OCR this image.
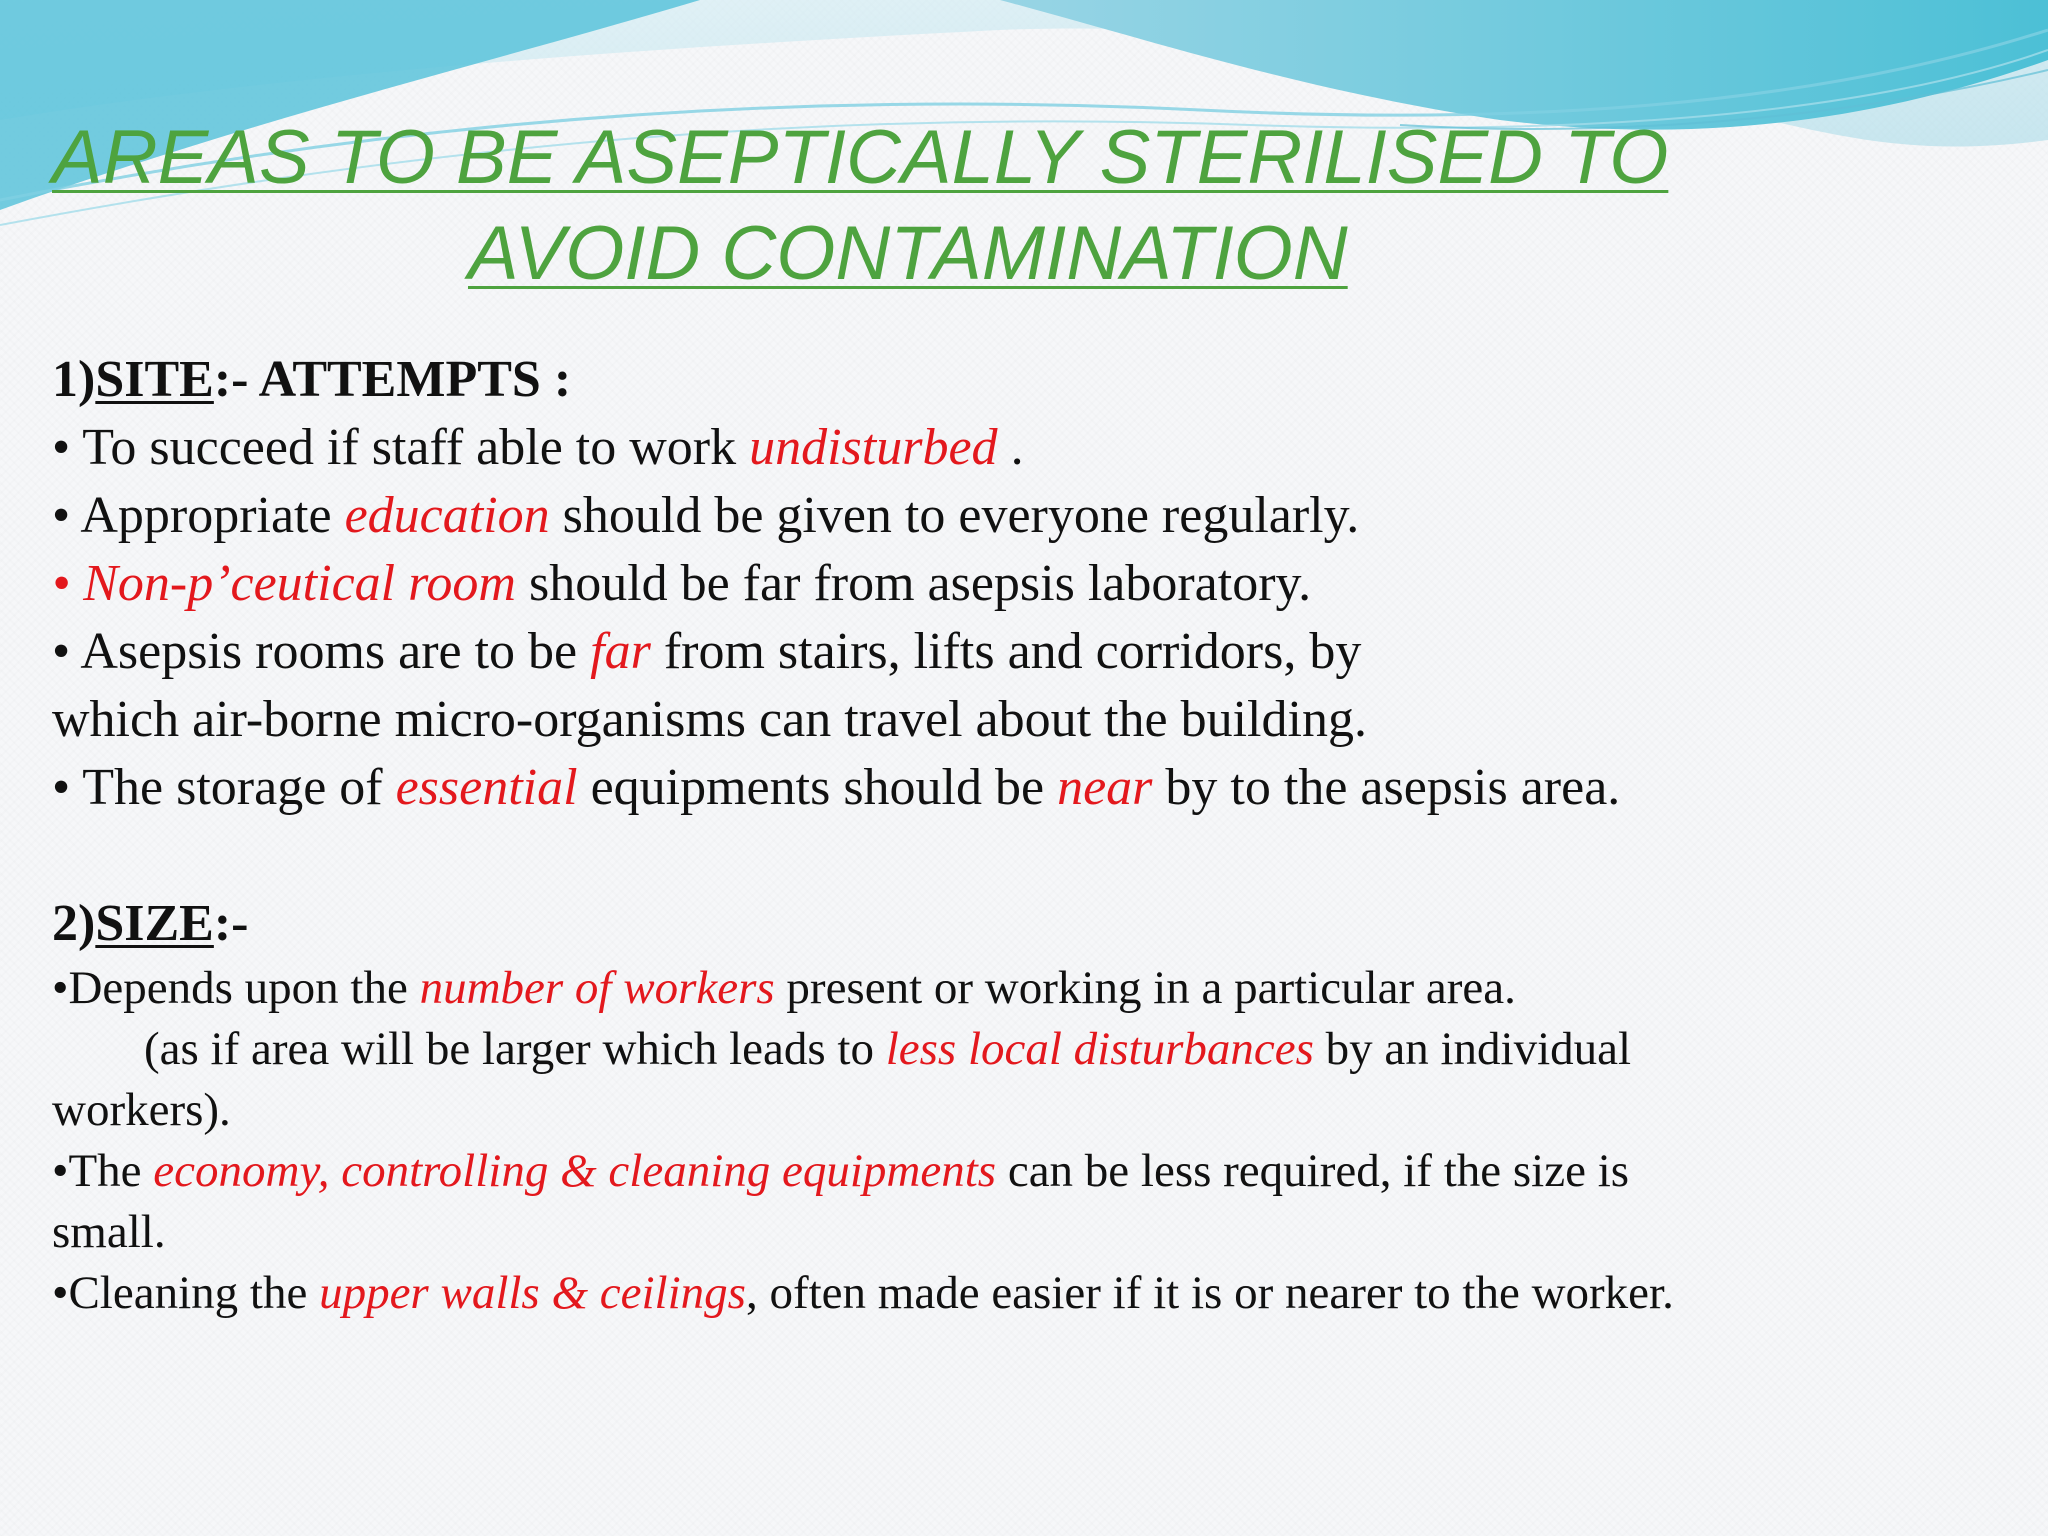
AREAS TO BE ASEPTICALLY STERILISED TO
AVOID CONTAMINATION

1)SITE:- ATTEMPTS :

• To succeed if staff able to work undisturbed .

• Appropriate education should be given to everyone regularly.

• Non-p’ceutical room should be far from asepsis laboratory.

• Asepsis rooms are to be far from stairs, lifts and corridors, by

which air-borne micro-organisms can travel about the building.

• The storage of essential equipments should be near by to the asepsis area.

2)SIZE:-

•Depends upon the number of workers present or working in a particular area.

(as if area will be larger which leads to less local disturbances by an individual

workers).

•The economy, controlling & cleaning equipments can be less required, if the size is

small.

•Cleaning the upper walls & ceilings, often made easier if it is or nearer to the worker.
